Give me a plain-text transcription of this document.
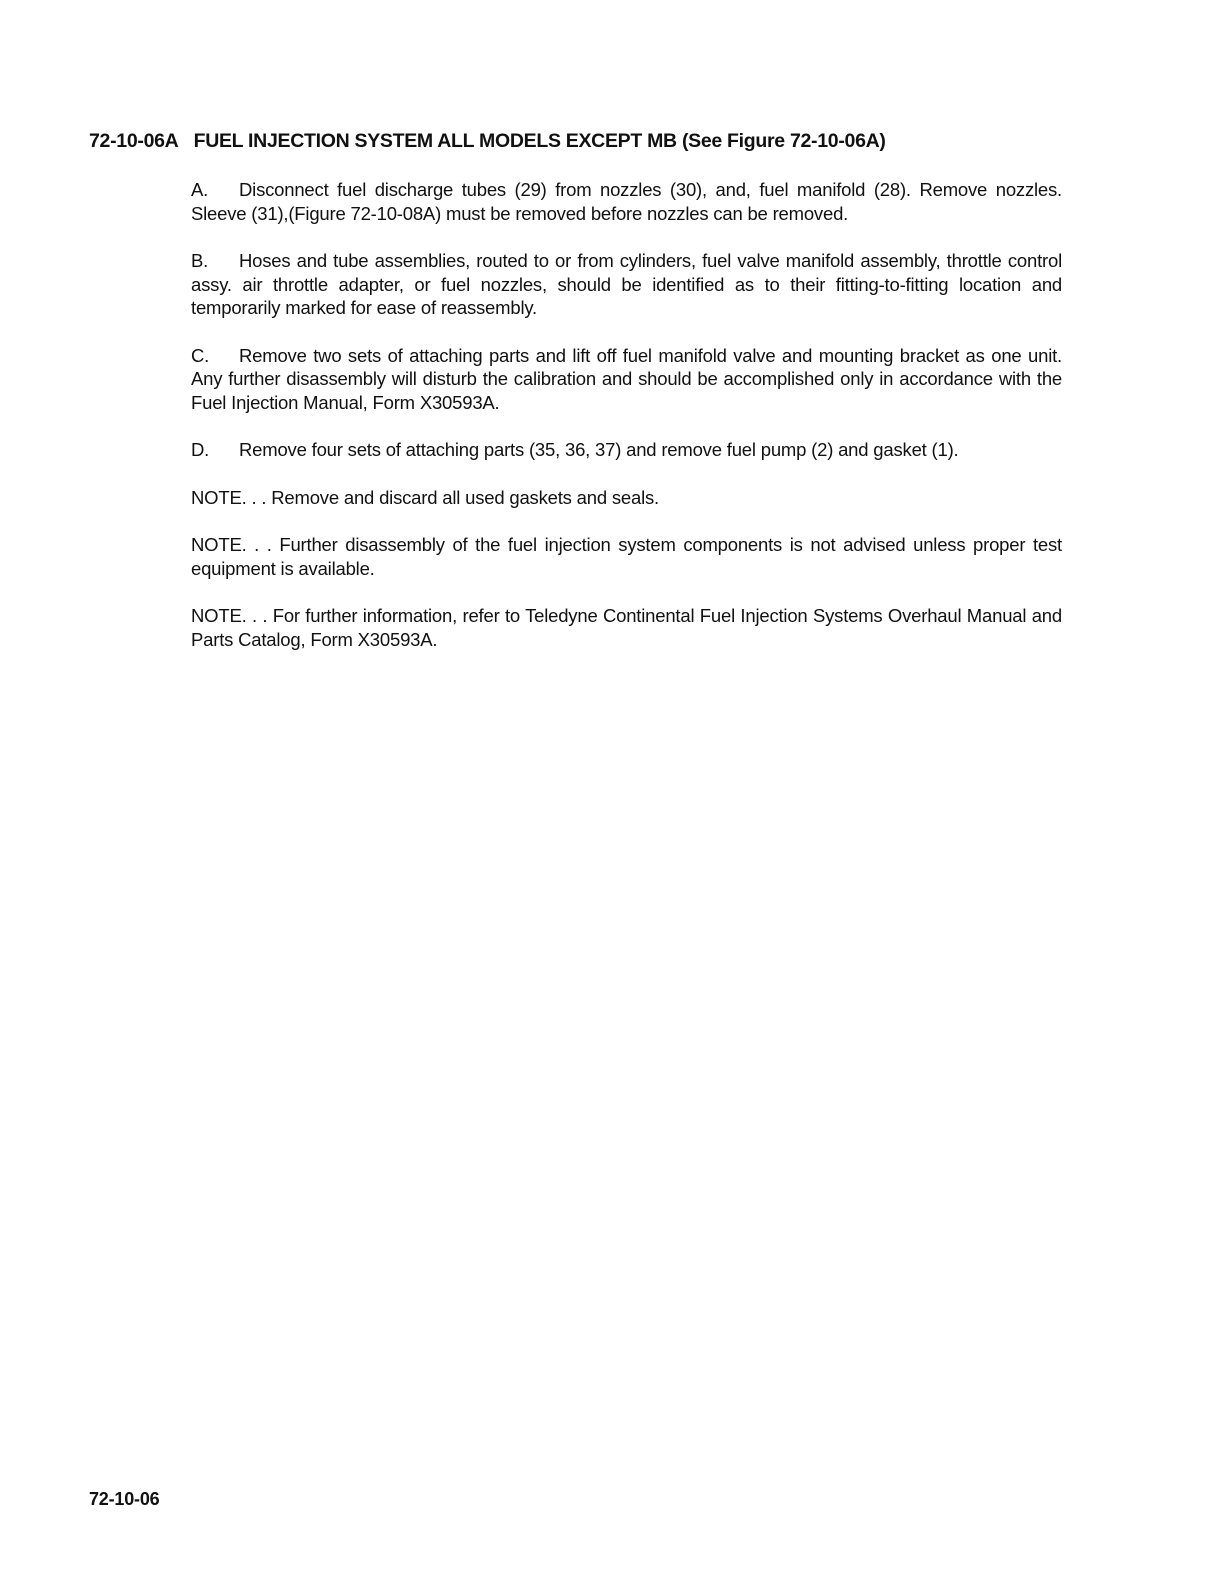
72-10-06A FUEL INJECTION SYSTEM ALL MODELS EXCEPT MB (See Figure 72-10-06A)

A. Disconnect fuel discharge tubes (29) from nozzles (30), and, fuel manifold (28). Remove nozzles. Sleeve (31),(Figure 72-10-08A) must be removed before nozzles can be removed.

B. Hoses and tube assemblies, routed to or from cylinders, fuel valve manifold assembly, throttle control assy. air throttle adapter, or fuel nozzles, should be identified as to their fitting-to-fitting location and temporarily marked for ease of reassembly.

C. Remove two sets of attaching parts and lift off fuel manifold valve and mounting bracket as one unit. Any further disassembly will disturb the calibration and should be accomplished only in accordance with the Fuel Injection Manual, Form X30593A.

D. Remove four sets of attaching parts (35, 36, 37) and remove fuel pump (2) and gasket (1).

NOTE. . . Remove and discard all used gaskets and seals.

NOTE. . . Further disassembly of the fuel injection system components is not advised unless proper test equipment is available.

NOTE. . . For further information, refer to Teledyne Continental Fuel Injection Systems Overhaul Manual and Parts Catalog, Form X30593A.

72-10-06
